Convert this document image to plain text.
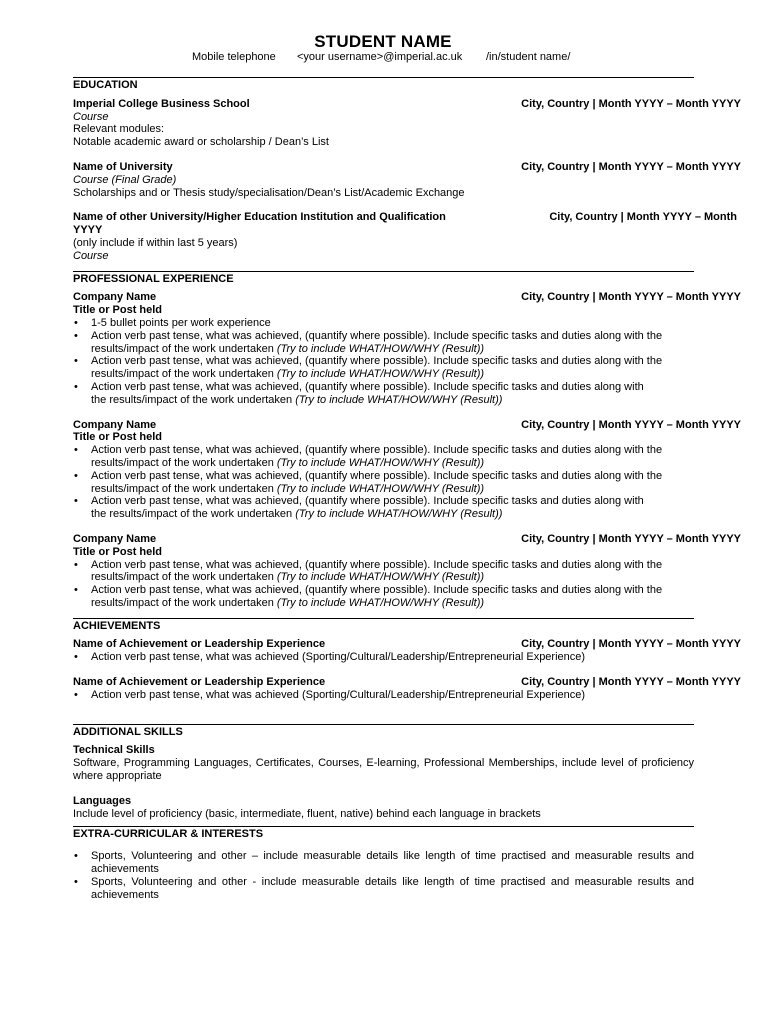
STUDENT NAME
Mobile telephone <your username>@imperial.ac.uk /in/student name/
EDUCATION
Imperial College Business School	City, Country | Month YYYY – Month YYYY
Course
Relevant modules:
Notable academic award or scholarship / Dean’s List
Name of University	City, Country | Month YYYY – Month YYYY
Course (Final Grade)
Scholarships and or Thesis study/specialisation/Dean’s List/Academic Exchange
Name of other University/Higher Education Institution and Qualification	City, Country | Month YYYY – Month
YYYY
(only include if within last 5 years)
Course
PROFESSIONAL EXPERIENCE
Company Name	City, Country | Month YYYY – Month YYYY
Title or Post held
• 1-5 bullet points per work experience
• Action verb past tense, what was achieved, (quantify where possible). Include specific tasks and duties along with the
results/impact of the work undertaken (Try to include WHAT/HOW/WHY (Result))
• Action verb past tense, what was achieved, (quantify where possible). Include specific tasks and duties along with the
results/impact of the work undertaken (Try to include WHAT/HOW/WHY (Result))
• Action verb past tense, what was achieved, (quantify where possible). Include specific tasks and duties along with
the results/impact of the work undertaken (Try to include WHAT/HOW/WHY (Result))
Company Name	City, Country | Month YYYY – Month YYYY
Title or Post held
• Action verb past tense, what was achieved, (quantify where possible). Include specific tasks and duties along with the
results/impact of the work undertaken (Try to include WHAT/HOW/WHY (Result))
• Action verb past tense, what was achieved, (quantify where possible). Include specific tasks and duties along with the
results/impact of the work undertaken (Try to include WHAT/HOW/WHY (Result))
• Action verb past tense, what was achieved, (quantify where possible). Include specific tasks and duties along with
the results/impact of the work undertaken (Try to include WHAT/HOW/WHY (Result))
Company Name	City, Country | Month YYYY – Month YYYY
Title or Post held
• Action verb past tense, what was achieved, (quantify where possible). Include specific tasks and duties along with the
results/impact of the work undertaken (Try to include WHAT/HOW/WHY (Result))
• Action verb past tense, what was achieved, (quantify where possible). Include specific tasks and duties along with the
results/impact of the work undertaken (Try to include WHAT/HOW/WHY (Result))
ACHIEVEMENTS
Name of Achievement or Leadership Experience	City, Country | Month YYYY – Month YYYY
• Action verb past tense, what was achieved (Sporting/Cultural/Leadership/Entrepreneurial Experience)
Name of Achievement or Leadership Experience	City, Country | Month YYYY – Month YYYY
• Action verb past tense, what was achieved (Sporting/Cultural/Leadership/Entrepreneurial Experience)
ADDITIONAL SKILLS
Technical Skills
Software, Programming Languages, Certificates, Courses, E-learning, Professional Memberships, include level of proficiency where appropriate
Languages
Include level of proficiency (basic, intermediate, fluent, native) behind each language in brackets
EXTRA-CURRICULAR & INTERESTS
• Sports, Volunteering and other – include measurable details like length of time practised and measurable results and achievements
• Sports, Volunteering and other - include measurable details like length of time practised and measurable results and achievements
